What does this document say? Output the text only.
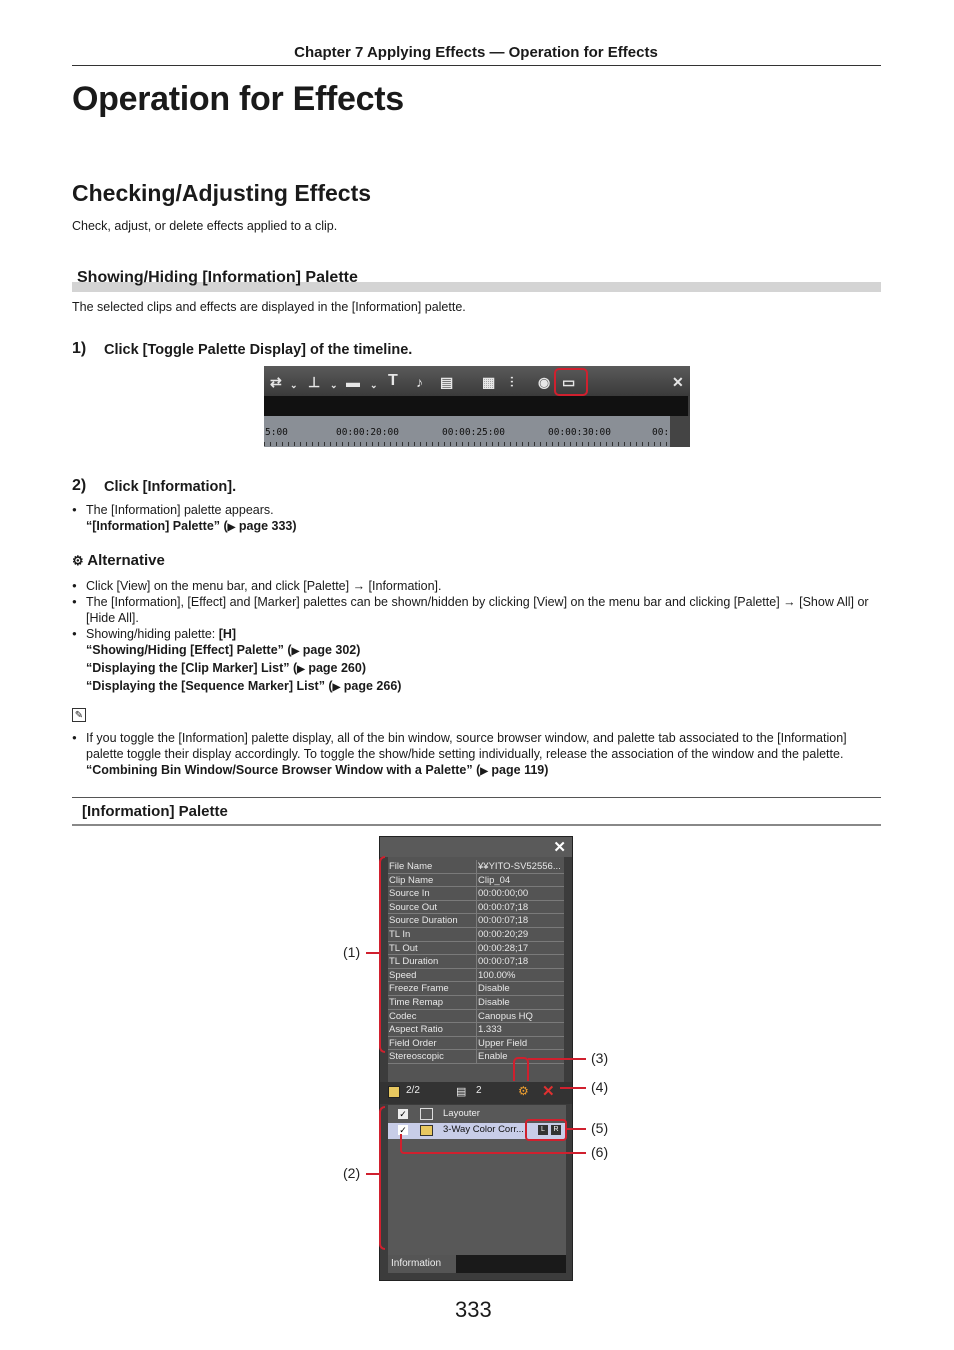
Chapter 7 Applying Effects — Operation for Effects
Operation for Effects
Checking/Adjusting Effects
Check, adjust, or delete effects applied to a clip.
Showing/Hiding [Information] Palette
The selected clips and effects are displayed in the [Information] palette.
1) Click [Toggle Palette Display] of the timeline.
⇄ ⌄ ⊥ ⌄ ▬ ⌄ T ♪ ▤ ▦ ⫶ ◉ ▭	✕
5:00	00:00:20:00	00:00:25:00	00:00:30:00	00:
2) Click [Information].
● The [Information] palette appears.
“[Information] Palette” (▶ page 333)
⚙ Alternative
● Click [View] on the menu bar, and click [Palette] → [Information].
● The [Information], [Effect] and [Marker] palettes can be shown/hidden by clicking [View] on the menu bar and clicking [Palette] → [Show All] or [Hide All].
● Showing/hiding palette: [H]
“Showing/Hiding [Effect] Palette” (▶ page 302)
“Displaying the [Clip Marker] List” (▶ page 260)
“Displaying the [Sequence Marker] List” (▶ page 266)
✎
● If you toggle the [Information] palette display, all of the bin window, source browser window, and palette tab associated to the [Information] palette toggle their display accordingly. To toggle the show/hide setting individually, release the association of the window and the palette.
“Combining Bin Window/Source Browser Window with a Palette” (▶ page 119)
[Information] Palette
✕
File Name	¥¥YITO-SV52556...
Clip Name	Clip_04
Source In	00:00:00;00
Source Out	00:00:07;18
Source Duration	00:00:07;18
TL In	00:00:20;29
TL Out	00:00:28;17
TL Duration	00:00:07;18
Speed	100.00%
Freeze Frame	Disable
Time Remap	Disable
Codec	Canopus HQ
Aspect Ratio	1.333
Field Order	Upper Field
Stereoscopic	Enable
2/2	▤ 2	⚙ ✕
✓	Layouter
✓	3-Way Color Corr...	L	R
Information
(1)
(2)
(3)
(4)
(5)
(6)
333
